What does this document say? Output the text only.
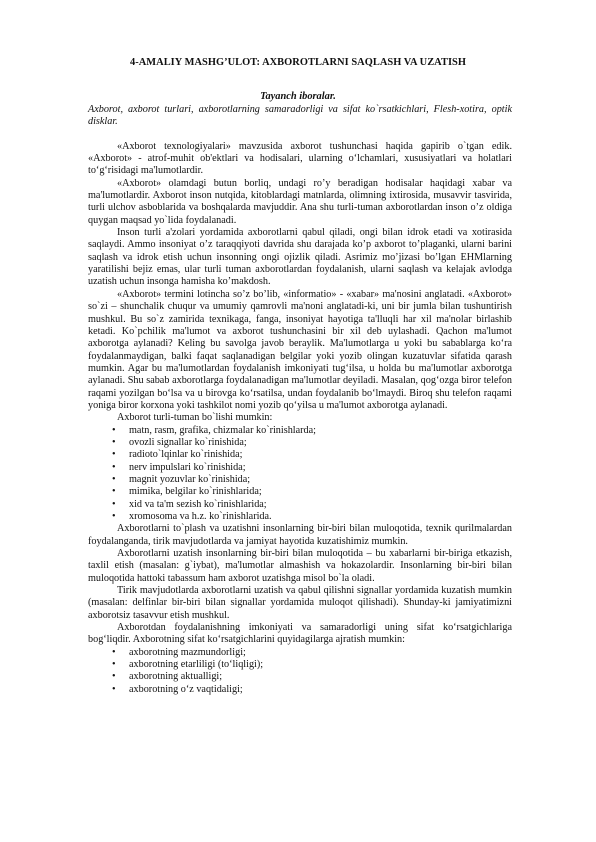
4-AMALIY MASHG’ULOT: AXBOROTLARNI SAQLASH VA UZATISH
Tayanch iboralar.
Axborot, axborot turlari, axborotlarning samaradorligi va sifat ko`rsatkichlari, Flesh-xotira, optik disklar.

«Axborot texnologiyalari» mavzusida axborot tushunchasi haqida gapirib o`tgan edik. «Axborot» - atrof-muhit ob'ektlari va hodisalari, ularning o‘lchamlari, xususiyatlari va holatlari to‘g‘risidagi ma'lumotlardir.

«Axborot» olamdagi butun borliq, undagi ro’y beradigan hodisalar haqidagi xabar va ma'lumotlardir. Axborot inson nutqida, kitoblardagi matnlarda, olimning ixtirosida, musavvir tasvirida, turli ulchov asboblarida va boshqalarda mavjuddir. Ana shu turli-tuman axborotlardan inson o’z oldiga quygan maqsad yo`lida foydalanadi.

Inson turli a'zolari yordamida axborotlarni qabul qiladi, ongi bilan idrok etadi va xotirasida saqlaydi. Ammo insoniyat o’z taraqqiyoti davrida shu darajada ko’p axborot to’plaganki, ularni barini saqlash va idrok etish uchun insonning ongi ojizlik qiladi. Asrimiz mo’jizasi bo’lgan EHMlarning yaratilishi bejiz emas, ular turli tuman axborotlardan foydalanish, ularni saqlash va kelajak avlodga uzatish uchun insonga hamisha ko’makdosh.

«Axborot» termini lotincha so’z bo’lib, «informatio» - «xabar» ma'nosini anglatadi. «Axborot» so`zi – shunchalik chuqur va umumiy qamrovli ma'noni anglatadi-ki, uni bir jumla bilan tushuntirish mushkul. Bu so`z zamirida texnikaga, fanga, insoniyat hayotiga ta'lluqli har xil ma'nolar birlashib ketadi. Ko`pchilik ma'lumot va axborot tushunchasini bir xil deb uylashadi. Qachon ma'lumot axborotga aylanadi? Keling bu savolga javob beraylik. Ma'lumotlarga u yoki bu sabablarga ko‘ra foydalanmaydigan, balki faqat saqlanadigan belgilar yoki yozib olingan kuzatuvlar sifatida qarash mumkin. Agar bu ma'lumotlardan foydalanish imkoniyati tug‘ilsa, u holda bu ma'lumotlar axborotga aylanadi. Shu sabab axborotlarga foydalanadigan ma'lumotlar deyiladi. Masalan, qog‘ozga biror telefon raqami yozilgan bo‘lsa va u birovga ko‘rsatilsa, undan foydalanib bo‘lmaydi. Biroq shu telefon raqami yoniga biror korxona yoki tashkilot nomi yozib qo‘yilsa u ma'lumot axborotga aylanadi.

Axborot turli-tuman bo`lishi mumkin:

• matn, rasm, grafika, chizmalar ko`rinishlarda;
• ovozli signallar ko`rinishida;
• radioto`lqinlar ko`rinishida;
• nerv impulslari ko`rinishida;
• magnit yozuvlar ko`rinishida;
• mimika, belgilar ko`rinishlarida;
• xid va ta'm sezish ko`rinishlarida;
• xromosoma va h.z. ko`rinishlarida.

Axborotlarni to`plash va uzatishni insonlarning bir-biri bilan muloqotida, texnik qurilmalardan foydalanganda, tirik mavjudotlarda va jamiyat hayotida kuzatishimiz mumkin.

Axborotlarni uzatish insonlarning bir-biri bilan muloqotida – bu xabarlarni bir-biriga etkazish, taxlil etish (masalan: g`iybat), ma'lumotlar almashish va hokazolardir. Insonlarning bir-biri bilan muloqotida hattoki tabassum ham axborot uzatishga misol bo`la oladi.

Tirik mavjudotlarda axborotlarni uzatish va qabul qilishni signallar yordamida kuzatish mumkin (masalan: delfinlar bir-biri bilan signallar yordamida muloqot qilishadi). Shunday-ki jamiyatimizni axborotsiz tasavvur etish mushkul.

Axborotdan foydalanishning imkoniyati va samaradorligi uning sifat ko‘rsatgichlariga bog‘liqdir. Axborotning sifat ko‘rsatgichlarini quyidagilarga ajratish mumkin:

• axborotning mazmundorligi;
• axborotning etarliligi (to‘liqligi);
• axborotning aktualligi;
• axborotning o‘z vaqtidaligi;
